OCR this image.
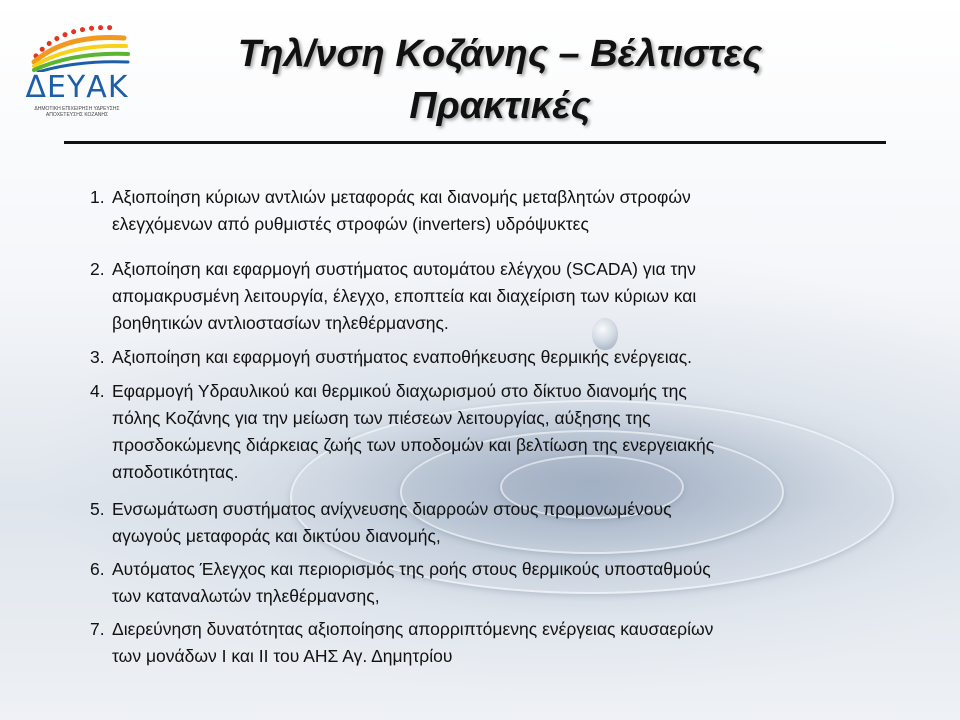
ΔΕΥΑΚ
ΔΗΜΟΤΙΚΗ ΕΠΙΧΕΙΡΗΣΗ ΥΔΡΕΥΣΗΣ
ΑΠΟΧΕΤΕΥΣΗΣ ΚΟΖΑΝΗΣ
Τηλ/νση Κοζάνης – Βέλτιστες
Πρακτικές
1. Αξιοποίηση κύριων αντλιών μεταφοράς και διανομής μεταβλητών στροφών
ελεγχόμενων από ρυθμιστές στροφών (inverters) υδρόψυκτες
2. Αξιοποίηση και εφαρμογή συστήματος αυτομάτου ελέγχου (SCADA) για την
απομακρυσμένη λειτουργία, έλεγχο, εποπτεία και διαχείριση των κύριων και
βοηθητικών αντλιοστασίων τηλεθέρμανσης.
3. Αξιοποίηση και εφαρμογή συστήματος εναποθήκευσης θερμικής ενέργειας.
4. Εφαρμογή Υδραυλικού και θερμικού διαχωρισμού στο δίκτυο διανομής της
πόλης Κοζάνης για την μείωση των πιέσεων λειτουργίας, αύξησης της
προσδοκώμενης διάρκειας ζωής των υποδομών και βελτίωση της ενεργειακής
αποδοτικότητας.
5. Ενσωμάτωση συστήματος ανίχνευσης διαρροών στους προμονωμένους
αγωγούς μεταφοράς και δικτύου διανομής,
6. Αυτόματος Έλεγχος και περιορισμός της ροής στους θερμικούς υποσταθμούς
των καταναλωτών τηλεθέρμανσης,
7. Διερεύνηση δυνατότητας αξιοποίησης απορριπτόμενης ενέργειας καυσαερίων
των μονάδων I και II του ΑΗΣ Αγ. Δημητρίου
